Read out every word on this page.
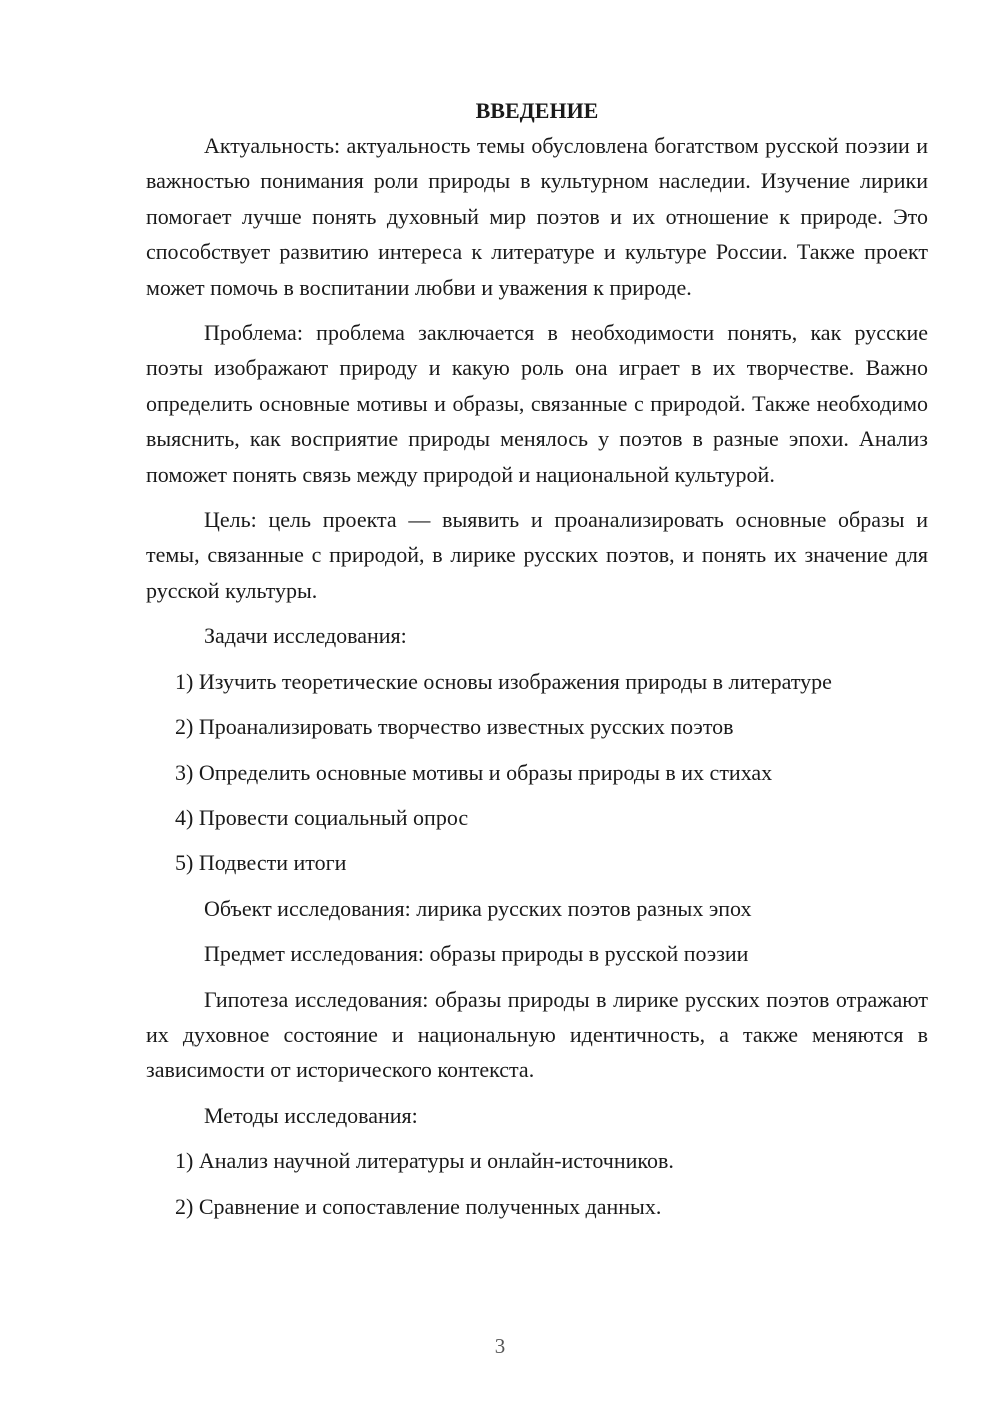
ВВЕДЕНИЕ

Актуальность: актуальность темы обусловлена богатством русской поэзии и важностью понимания роли природы в культурном наследии. Изучение лирики помогает лучше понять духовный мир поэтов и их отношение к природе. Это способствует развитию интереса к литературе и культуре России. Также проект может помочь в воспитании любви и уважения к природе.

Проблема: проблема заключается в необходимости понять, как русские поэты изображают природу и какую роль она играет в их творчестве. Важно определить основные мотивы и образы, связанные с природой. Также необходимо выяснить, как восприятие природы менялось у поэтов в разные эпохи. Анализ поможет понять связь между природой и национальной культурой.

Цель: цель проекта — выявить и проанализировать основные образы и темы, связанные с природой, в лирике русских поэтов, и понять их значение для русской культуры.

Задачи исследования:
1) Изучить теоретические основы изображения природы в литературе
2) Проанализировать творчество известных русских поэтов
3) Определить основные мотивы и образы природы в их стихах
4) Провести социальный опрос
5) Подвести итоги
Объект исследования: лирика русских поэтов разных эпох
Предмет исследования: образы природы в русской поэзии

Гипотеза исследования: образы природы в лирике русских поэтов отражают их духовное состояние и национальную идентичность, а также меняются в зависимости от исторического контекста.

Методы исследования:
1) Анализ научной литературы и онлайн-источников.
2) Сравнение и сопоставление полученных данных.
3
